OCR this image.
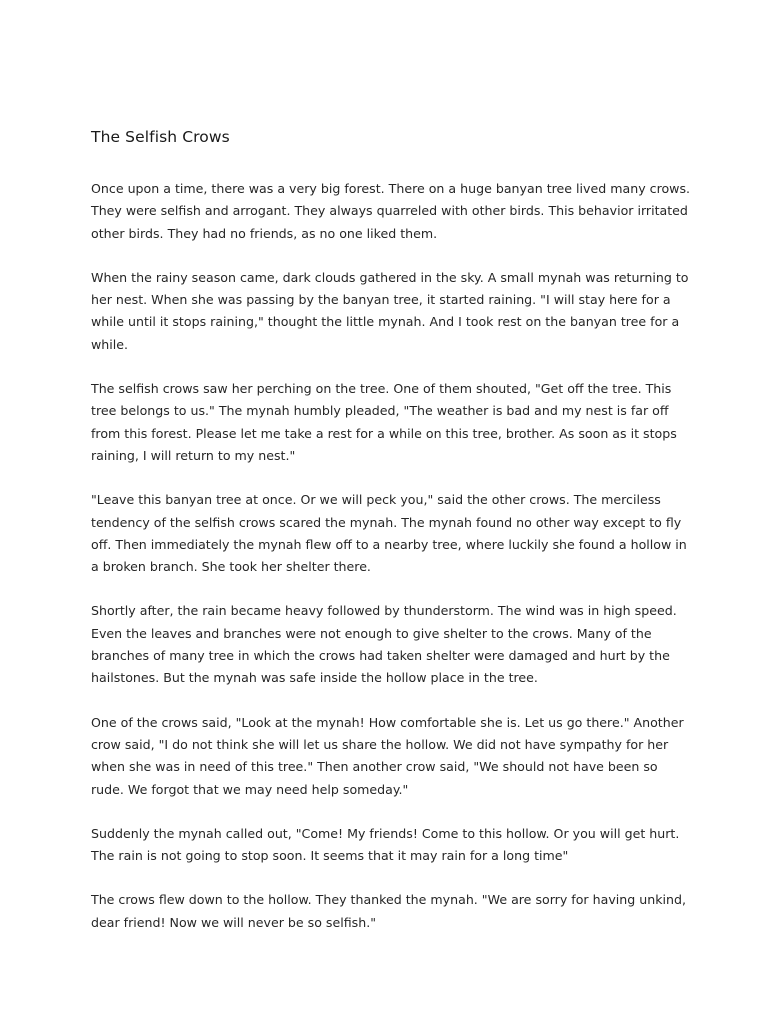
The Selfish Crows

Once upon a time, there was a very big forest. There on a huge banyan tree lived many crows. They were selfish and arrogant. They always quarreled with other birds. This behavior irritated other birds. They had no friends, as no one liked them.

When the rainy season came, dark clouds gathered in the sky. A small mynah was returning to her nest. When she was passing by the banyan tree, it started raining. "I will stay here for a while until it stops raining," thought the little mynah. And I took rest on the banyan tree for a while.

The selfish crows saw her perching on the tree. One of them shouted, "Get off the tree. This tree belongs to us." The mynah humbly pleaded, "The weather is bad and my nest is far off from this forest. Please let me take a rest for a while on this tree, brother. As soon as it stops raining, I will return to my nest."

"Leave this banyan tree at once. Or we will peck you," said the other crows. The merciless tendency of the selfish crows scared the mynah. The mynah found no other way except to fly off. Then immediately the mynah flew off to a nearby tree, where luckily she found a hollow in a broken branch. She took her shelter there.

Shortly after, the rain became heavy followed by thunderstorm. The wind was in high speed. Even the leaves and branches were not enough to give shelter to the crows. Many of the branches of many tree in which the crows had taken shelter were damaged and hurt by the hailstones. But the mynah was safe inside the hollow place in the tree.

One of the crows said, "Look at the mynah! How comfortable she is. Let us go there." Another crow said, "I do not think she will let us share the hollow. We did not have sympathy for her when she was in need of this tree." Then another crow said, "We should not have been so rude. We forgot that we may need help someday."

Suddenly the mynah called out, "Come! My friends! Come to this hollow. Or you will get hurt. The rain is not going to stop soon. It seems that it may rain for a long time"

The crows flew down to the hollow. They thanked the mynah. "We are sorry for having unkind, dear friend! Now we will never be so selfish."
